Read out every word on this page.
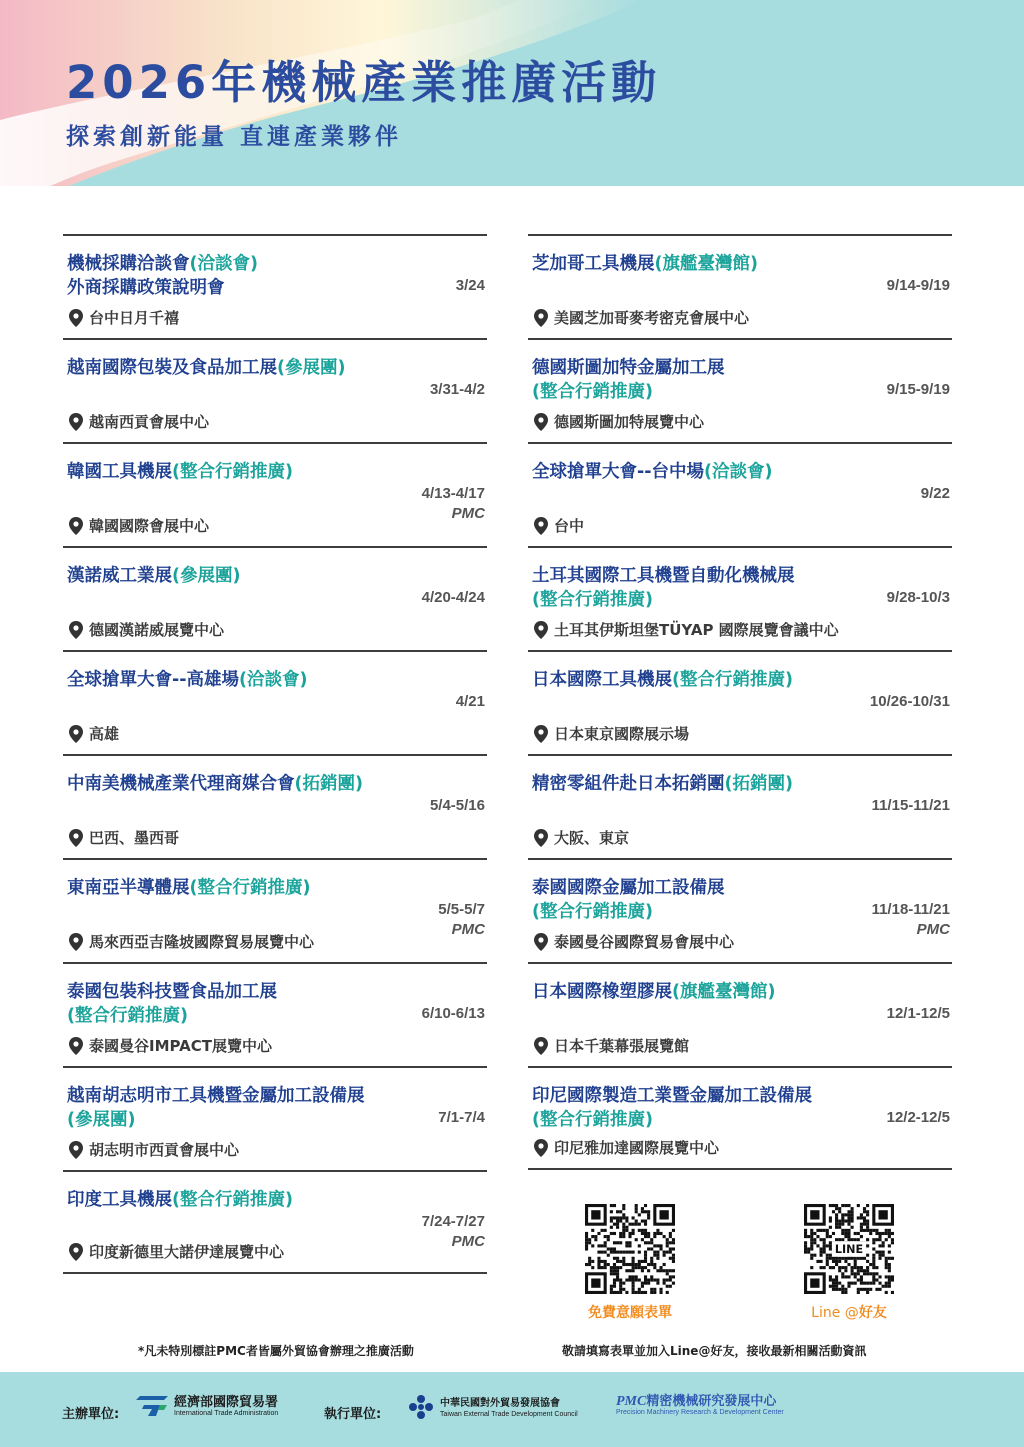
2026年機械產業推廣活動
探索創新能量 直連產業夥伴
機械採購洽談會(洽談會)
外商採購政策說明會	3/24
台中日月千禧
越南國際包裝及食品加工展(參展團)
3/31-4/2
越南西貢會展中心
韓國工具機展(整合行銷推廣)
4/13-4/17
PMC
韓國國際會展中心
漢諾威工業展(參展團)
4/20-4/24
德國漢諾威展覽中心
全球搶單大會--高雄場(洽談會)
4/21
高雄
中南美機械產業代理商媒合會(拓銷團)
5/4-5/16
巴西、墨西哥
東南亞半導體展(整合行銷推廣)
5/5-5/7
PMC
馬來西亞吉隆坡國際貿易展覽中心
泰國包裝科技暨食品加工展
(整合行銷推廣)	6/10-6/13
泰國曼谷IMPACT展覽中心
越南胡志明市工具機暨金屬加工設備展
(參展團)	7/1-7/4
胡志明市西貢會展中心
印度工具機展(整合行銷推廣)
7/24-7/27
PMC
印度新德里大諾伊達展覽中心
芝加哥工具機展(旗艦臺灣館)
9/14-9/19
美國芝加哥麥考密克會展中心
德國斯圖加特金屬加工展
(整合行銷推廣)	9/15-9/19
德國斯圖加特展覽中心
全球搶單大會--台中場(洽談會)
9/22
台中
土耳其國際工具機暨自動化機械展
(整合行銷推廣)	9/28-10/3
土耳其伊斯坦堡TÜYAP 國際展覽會議中心
日本國際工具機展(整合行銷推廣)
10/26-10/31
日本東京國際展示場
精密零組件赴日本拓銷團(拓銷團)
11/15-11/21
大阪、東京
泰國國際金屬加工設備展
(整合行銷推廣)	11/18-11/21
PMC
泰國曼谷國際貿易會展中心
日本國際橡塑膠展(旗艦臺灣館)
12/1-12/5
日本千葉幕張展覽館
印尼國際製造工業暨金屬加工設備展
(整合行銷推廣)	12/2-12/5
印尼雅加達國際展覽中心
免費意願表單
LINE
Line @好友
*凡未特別標註PMC者皆屬外貿協會辦理之推廣活動	敬請填寫表單並加入Line@好友，接收最新相關活動資訊
主辦單位:
經濟部國際貿易署
International Trade Administration	執行單位:
中華民國對外貿易發展協會
Taiwan External Trade Development Council
PMC精密機械研究發展中心
Precision Machinery Research & Development Center
